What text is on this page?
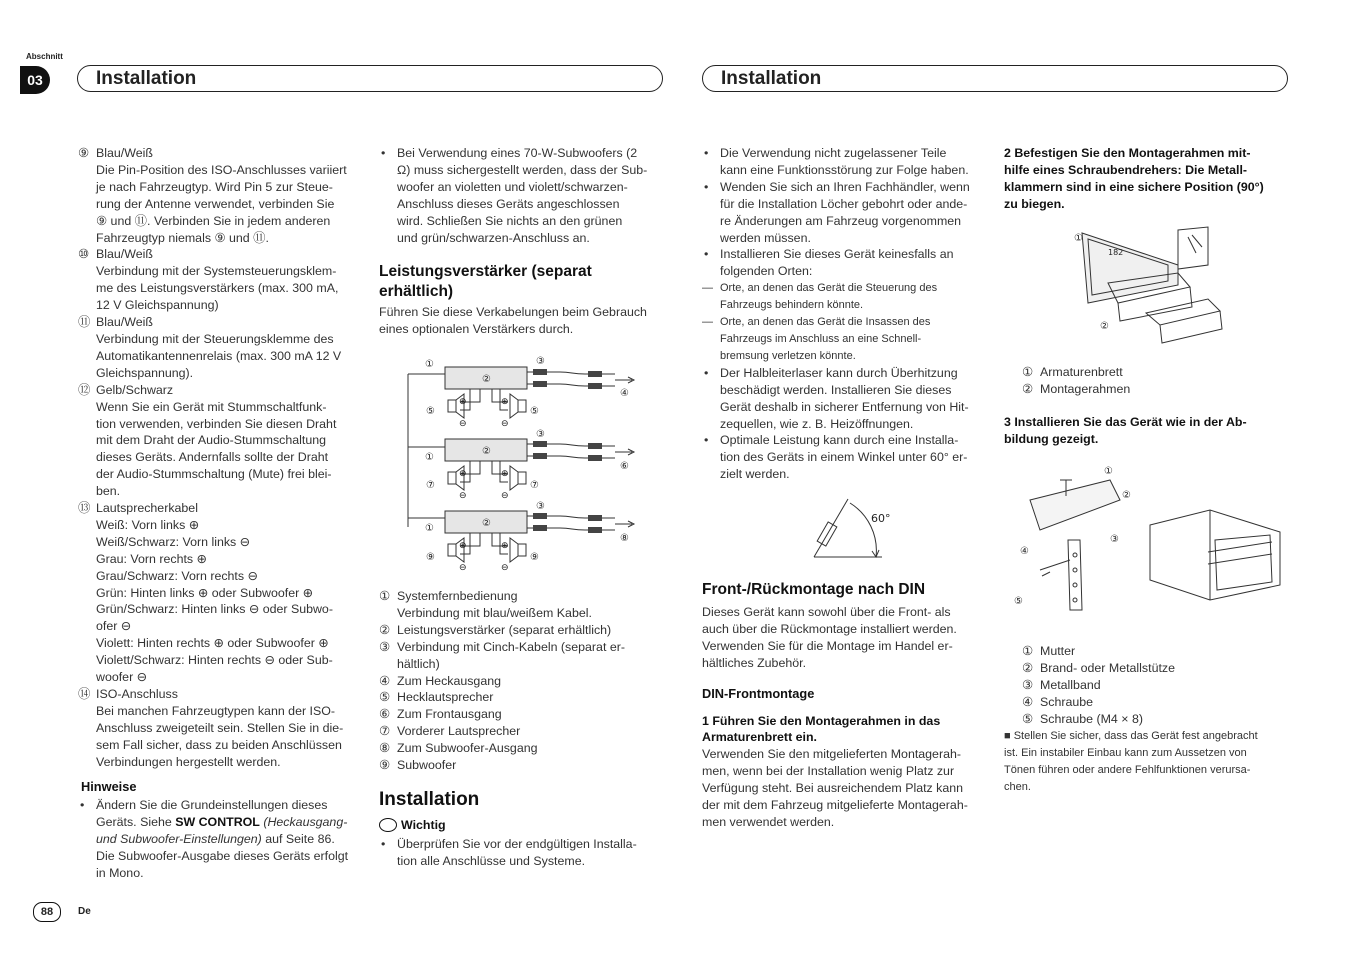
Abschnitt
03	Installation	Installation
⑨ Blau/Weiß
Die Pin-Position des ISO-Anschlusses variiert
je nach Fahrzeugtyp. Wird Pin 5 zur Steue-
rung der Antenne verwendet, verbinden Sie
⑨ und ⑪. Verbinden Sie in jedem anderen
Fahrzeugtyp niemals ⑨ und ⑪.
⑩ Blau/Weiß
Verbindung mit der Systemsteuerungsklem-
me des Leistungsverstärkers (max. 300 mA,
12 V Gleichspannung)
⑪ Blau/Weiß
Verbindung mit der Steuerungsklemme des
Automatikantennenrelais (max. 300 mA 12 V
Gleichspannung).
⑫ Gelb/Schwarz
Wenn Sie ein Gerät mit Stummschaltfunk-
tion verwenden, verbinden Sie diesen Draht
mit dem Draht der Audio-Stummschaltung
dieses Geräts. Andernfalls sollte der Draht
der Audio-Stummschaltung (Mute) frei blei-
ben.
⑬ Lautsprecherkabel
Weiß: Vorn links ⊕
Weiß/Schwarz: Vorn links ⊖
Grau: Vorn rechts ⊕
Grau/Schwarz: Vorn rechts ⊖
Grün: Hinten links ⊕ oder Subwoofer ⊕
Grün/Schwarz: Hinten links ⊖ oder Subwo-
ofer ⊖
Violett: Hinten rechts ⊕ oder Subwoofer ⊕
Violett/Schwarz: Hinten rechts ⊖ oder Sub-
woofer ⊖
⑭ ISO-Anschluss
Bei manchen Fahrzeugtypen kann der ISO-
Anschluss zweigeteilt sein. Stellen Sie in die-
sem Fall sicher, dass zu beiden Anschlüssen
Verbindungen hergestellt werden.
Hinweise
• Ändern Sie die Grundeinstellungen dieses
Geräts. Siehe SW CONTROL (Heckausgang-
und Subwoofer-Einstellungen) auf Seite 86.
Die Subwoofer-Ausgabe dieses Geräts erfolgt
in Mono.
• Bei Verwendung eines 70-W-Subwoofers (2
Ω) muss sichergestellt werden, dass der Sub-
woofer an violetten und violett/schwarzen-
Anschluss dieses Geräts angeschlossen
wird. Schließen Sie nichts an den grünen
und grün/schwarzen-Anschluss an.
Leistungsverstärker (separat
erhältlich)
Führen Sie diese Verkabelungen beim Gebrauch
eines optionalen Verstärkers durch.
②
②
②
①
①
①
③
③
③
④
⑤	⑤
⑥
⑦	⑦
⑧
⑨	⑨
⊕	⊕
⊖	⊖
⊕	⊕
⊖	⊖
⊕	⊕
⊖	⊖
① Systemfernbedienung
Verbindung mit blau/weißem Kabel.
② Leistungsverstärker (separat erhältlich)
③ Verbindung mit Cinch-Kabeln (separat er-
hältlich)
④ Zum Heckausgang
⑤ Hecklautsprecher
⑥ Zum Frontausgang
⑦ Vorderer Lautsprecher
⑧ Zum Subwoofer-Ausgang
⑨ Subwoofer
Installation
Wichtig
• Überprüfen Sie vor der endgültigen Installa-
tion alle Anschlüsse und Systeme.
• Die Verwendung nicht zugelassener Teile
kann eine Funktionsstörung zur Folge haben.
• Wenden Sie sich an Ihren Fachhändler, wenn
für die Installation Löcher gebohrt oder ande-
re Änderungen am Fahrzeug vorgenommen
werden müssen.
• Installieren Sie dieses Gerät keinesfalls an
folgenden Orten:
— Orte, an denen das Gerät die Steuerung des
Fahrzeugs behindern könnte.
— Orte, an denen das Gerät die Insassen des
Fahrzeugs im Anschluss an eine Schnell-
bremsung verletzen könnte.
• Der Halbleiterlaser kann durch Überhitzung
beschädigt werden. Installieren Sie dieses
Gerät deshalb in sicherer Entfernung von Hit-
zequellen, wie z. B. Heizöffnungen.
• Optimale Leistung kann durch eine Installa-
tion des Geräts in einem Winkel unter 60° er-
zielt werden.
60°
Front-/Rückmontage nach DIN
Dieses Gerät kann sowohl über die Front- als
auch über die Rückmontage installiert werden.
Verwenden Sie für die Montage im Handel er-
hältliches Zubehör.
DIN-Frontmontage
1 Führen Sie den Montagerahmen in das
Armaturenbrett ein.
Verwenden Sie den mitgelieferten Montagerah-
men, wenn bei der Installation wenig Platz zur
Verfügung steht. Bei ausreichendem Platz kann
der mit dem Fahrzeug mitgelieferte Montagerah-
men verwendet werden.
2 Befestigen Sie den Montagerahmen mit-
hilfe eines Schraubendrehers: Die Metall-
klammern sind in eine sichere Position (90°)
zu biegen.
182
①
②
① Armaturenbrett
② Montagerahmen
3 Installieren Sie das Gerät wie in der Ab-
bildung gezeigt.
①
②
③
④
⑤
① Mutter
② Brand- oder Metallstütze
③ Metallband
④ Schraube
⑤ Schraube (M4 × 8)
■ Stellen Sie sicher, dass das Gerät fest angebracht
ist. Ein instabiler Einbau kann zum Aussetzen von
Tönen führen oder andere Fehlfunktionen verursa-
chen.
88	De
